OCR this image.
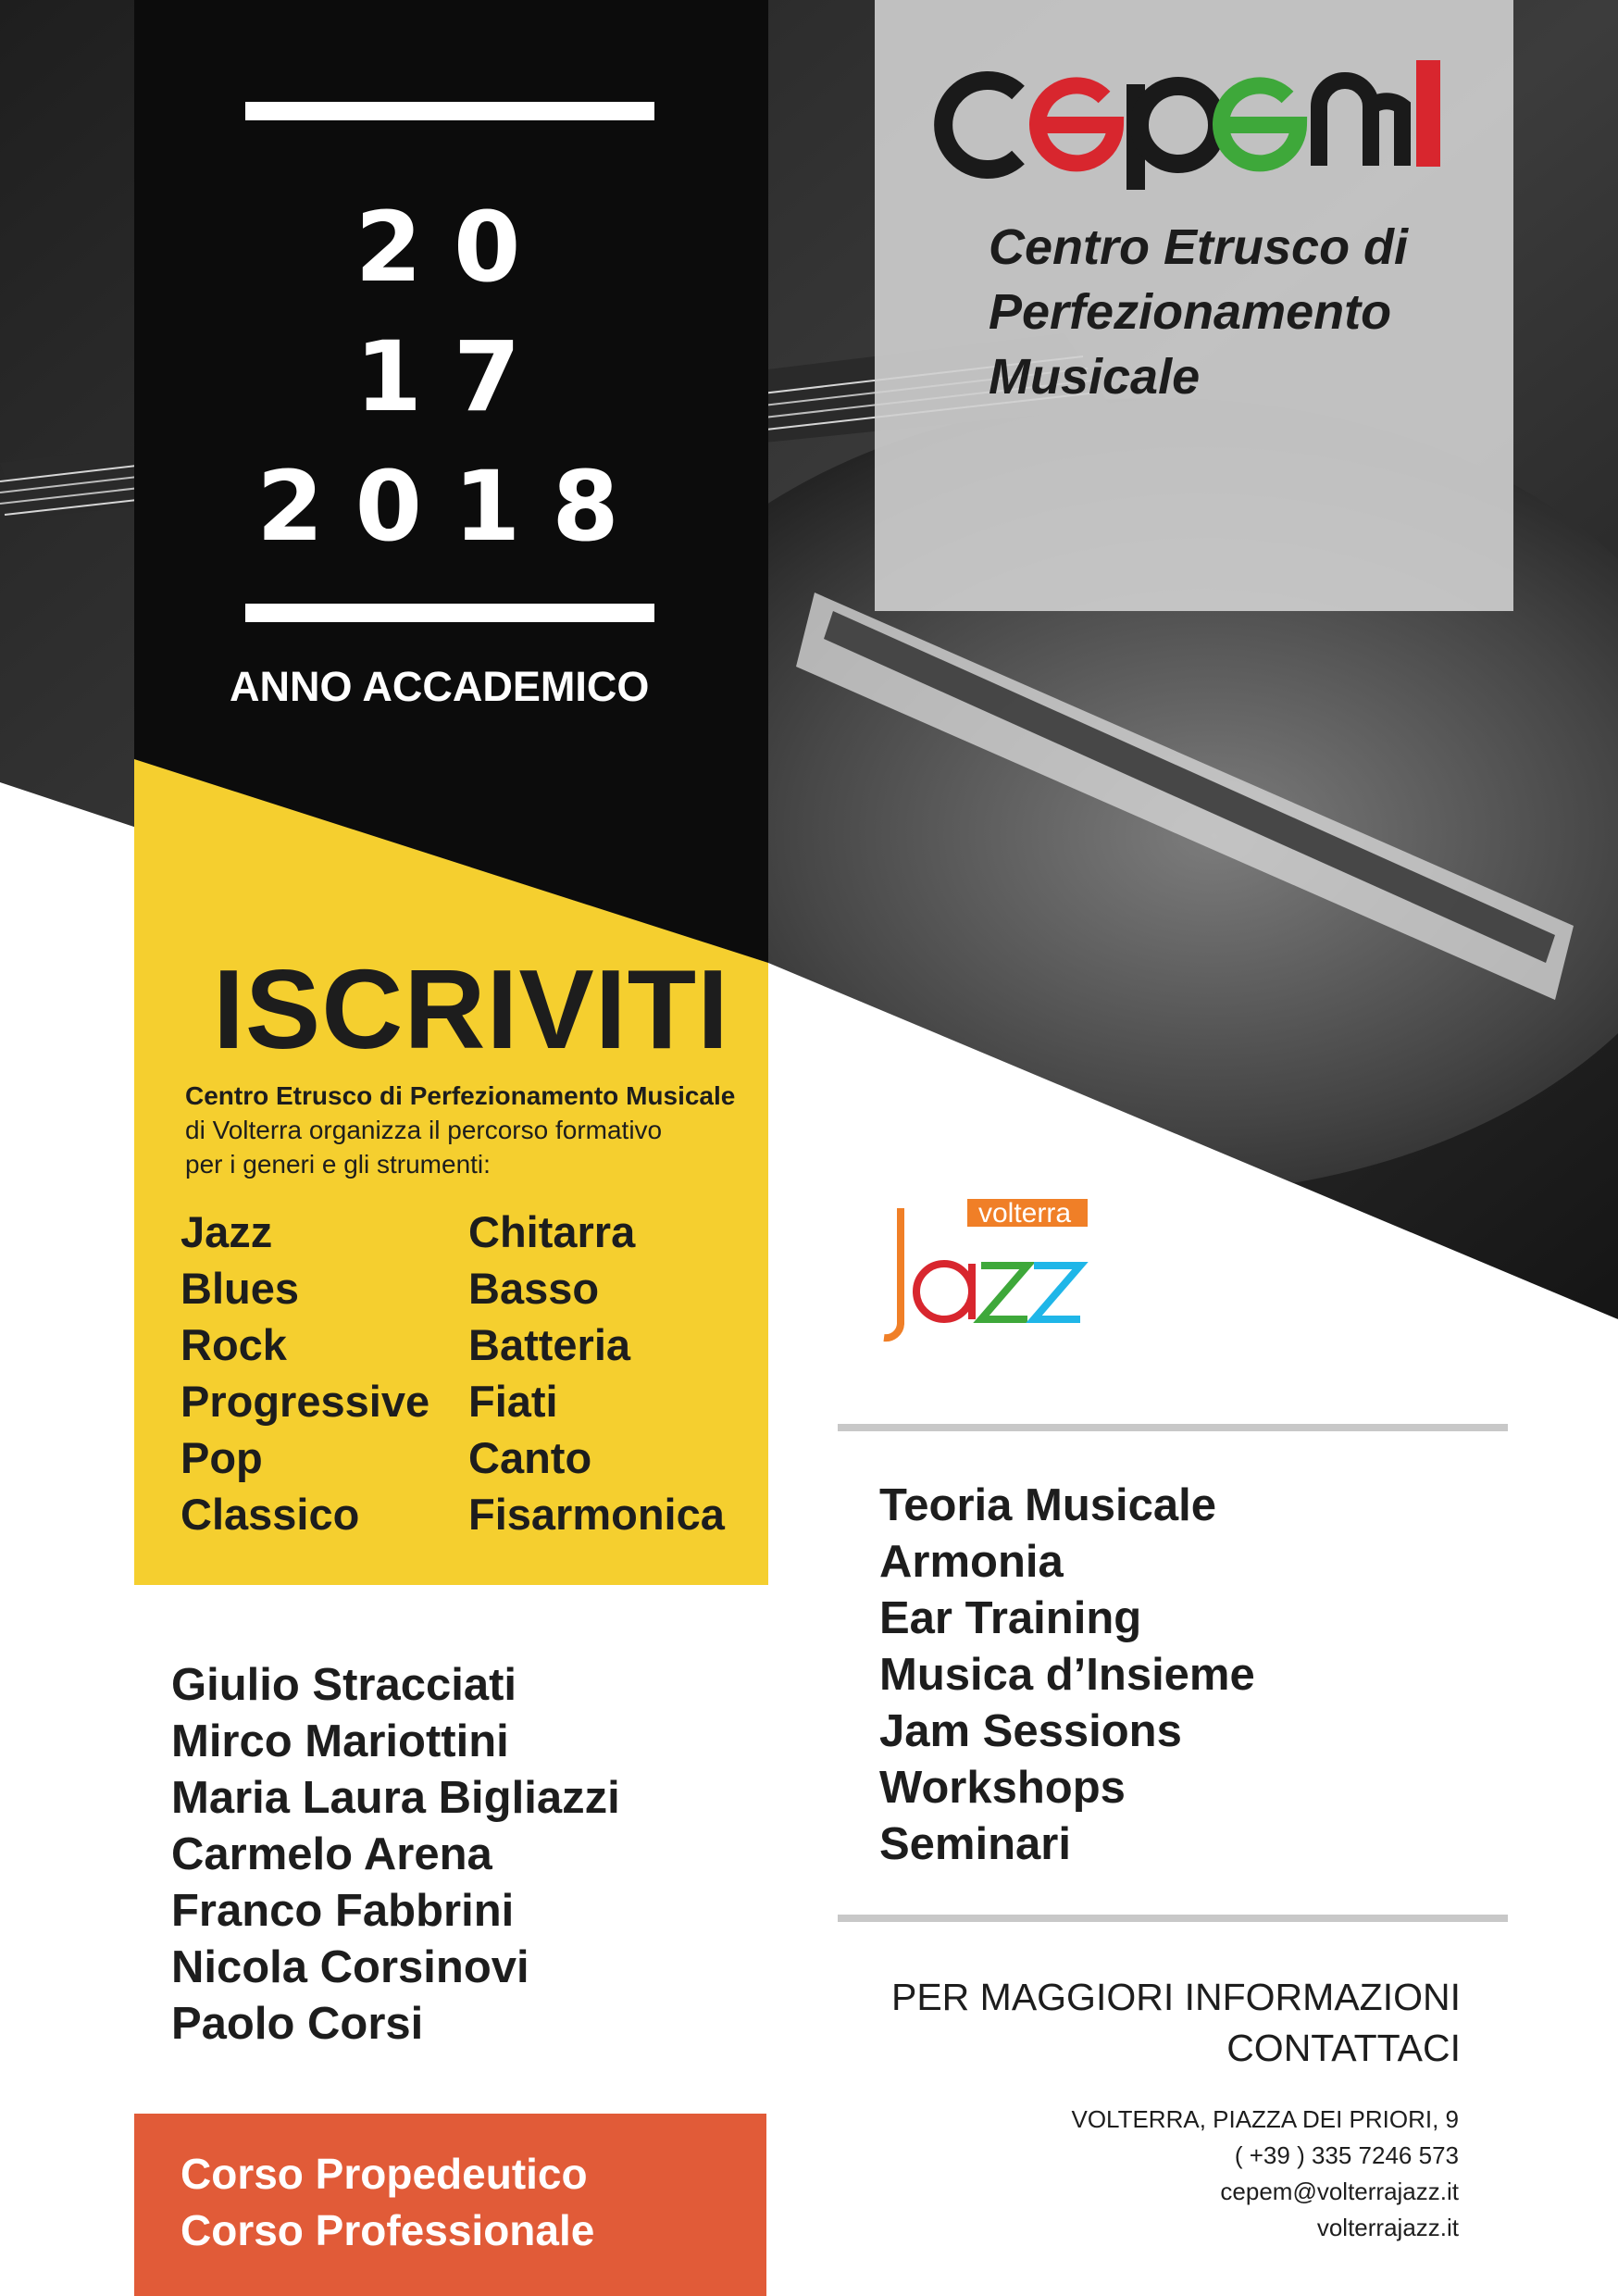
20
17
2018
ANNO ACCADEMICO
Centro Etrusco di
Perfezionamento
Musicale
ISCRIVITI
Centro Etrusco di Perfezionamento Musicale
di Volterra organizza il percorso formativo
per i generi e gli strumenti:
Jazz
Blues
Rock
Progressive
Pop
Classico
Chitarra
Basso
Batteria
Fiati
Canto
Fisarmonica
volterra
Teoria Musicale
Armonia
Ear Training
Musica d’Insieme
Jam Sessions
Workshops
Seminari
Giulio Stracciati
Mirco Mariottini
Maria Laura Bigliazzi
Carmelo Arena
Franco Fabbrini
Nicola Corsinovi
Paolo Corsi
PER MAGGIORI INFORMAZIONI
CONTATTACI
VOLTERRA, PIAZZA DEI PRIORI, 9
( +39 ) 335 7246 573
cepem@volterrajazz.it
volterrajazz.it
Corso Propedeutico
Corso Professionale
